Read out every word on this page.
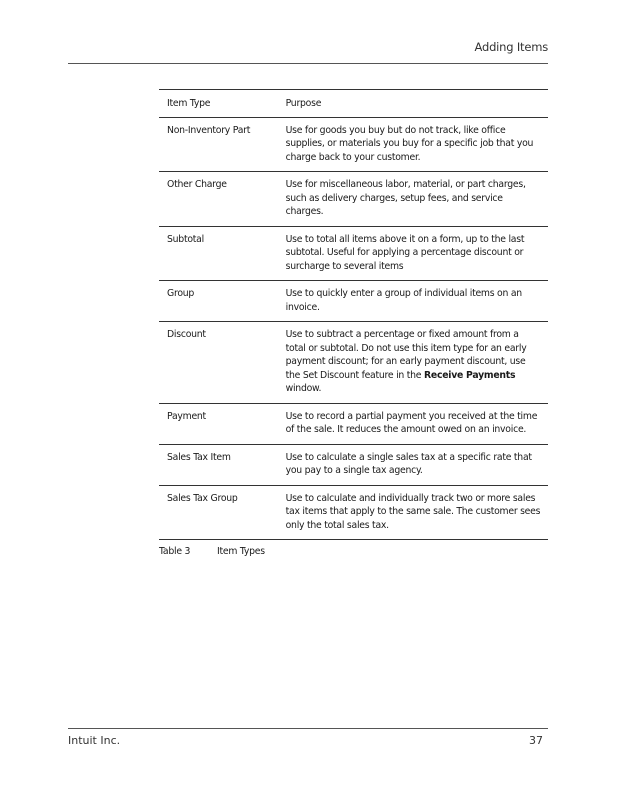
Adding Items
Item Type	Purpose
Non-Inventory Part	Use for goods you buy but do not track, like office supplies, or materials you buy for a specific job that you charge back to your customer.
Other Charge	Use for miscellaneous labor, material, or part charges, such as delivery charges, setup fees, and service charges.
Subtotal	Use to total all items above it on a form, up to the last subtotal. Useful for applying a percentage discount or surcharge to several items
Group	Use to quickly enter a group of individual items on an invoice.
Discount	Use to subtract a percentage or fixed amount from a total or subtotal. Do not use this item type for an early payment discount; for an early payment discount, use the Set Discount feature in the Receive Payments window.
Payment	Use to record a partial payment you received at the time of the sale. It reduces the amount owed on an invoice.
Sales Tax Item	Use to calculate a single sales tax at a specific rate that you pay to a single tax agency.
Sales Tax Group	Use to calculate and individually track two or more sales tax items that apply to the same sale. The customer sees only the total sales tax.
Table 3	Item Types
Intuit Inc.	37
